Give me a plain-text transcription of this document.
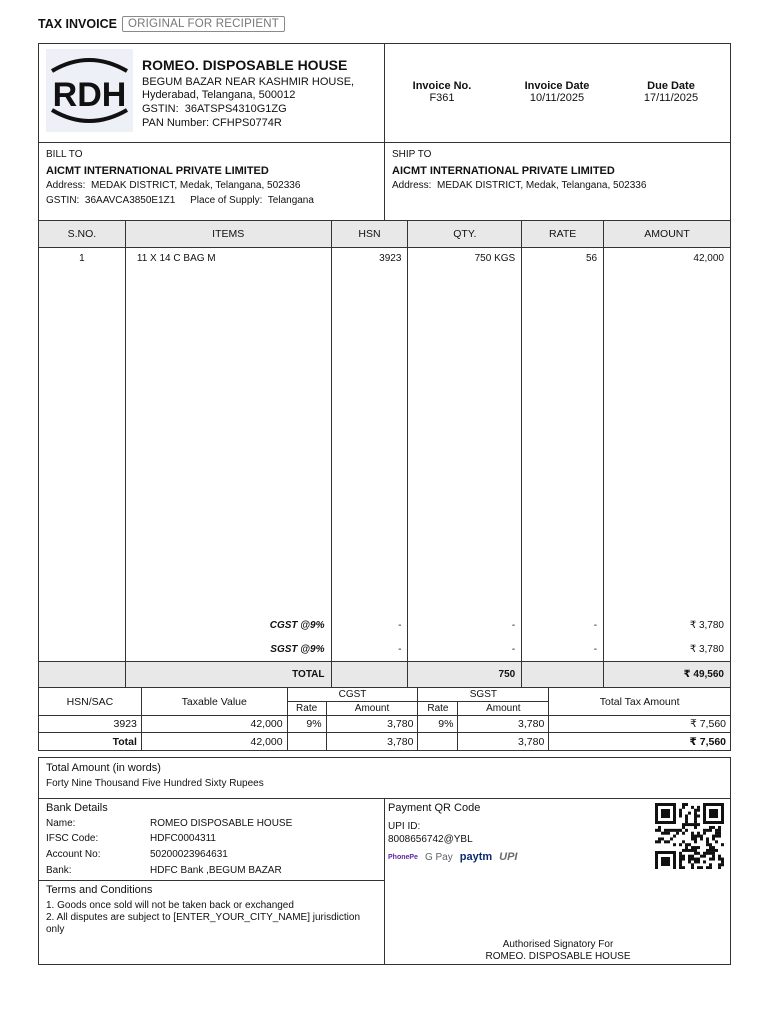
TAX INVOICE ORIGINAL FOR RECIPIENT
RDH
ROMEO. DISPOSABLE HOUSE
BEGUM BAZAR NEAR KASHMIR HOUSE,
Hyderabad, Telangana, 500012
GSTIN: 36ATSPS4310G1ZG
PAN Number: CFHPS0774R
Invoice No.
F361
Invoice Date
10/11/2025
Due Date
17/11/2025
BILL TO
AICMT INTERNATIONAL PRIVATE LIMITED
Address: MEDAK DISTRICT, Medak, Telangana, 502336
GSTIN: 36AAVCA3850E1Z1 Place of Supply: Telangana
SHIP TO
AICMT INTERNATIONAL PRIVATE LIMITED
Address: MEDAK DISTRICT, Medak, Telangana, 502336
S.NO.	ITEMS	HSN	QTY.	RATE	AMOUNT
1	11 X 14 C BAG M	3923	750 KGS	56	42,000

	CGST @9%	-	-	-	₹ 3,780
	SGST @9%	-	-	-	₹ 3,780
	TOTAL		750		₹ 49,560
HSN/SAC	Taxable Value	CGST		SGST		Total Tax Amount
		Rate	Amount	Rate	Amount	
3923	42,000	9%	3,780	9%	3,780	₹ 7,560
Total	42,000		3,780		3,780	₹ 7,560
Total Amount (in words)
Forty Nine Thousand Five Hundred Sixty Rupees
Bank Details
Name:	ROMEO DISPOSABLE HOUSE
IFSC Code:	HDFC0004311
Account No:	50200023964631
Bank:	HDFC Bank ,BEGUM BAZAR
Payment QR Code
UPI ID:
8008656742@YBL
PhonePe G Pay paytm UPI
Terms and Conditions
1. Goods once sold will not be taken back or exchanged
2. All disputes are subject to [ENTER_YOUR_CITY_NAME] jurisdiction
only
Authorised Signatory For
ROMEO. DISPOSABLE HOUSE
